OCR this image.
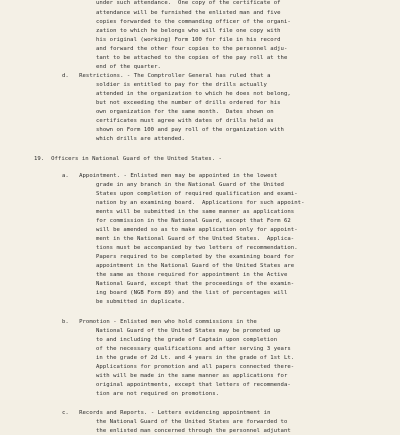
under such attendance.  One copy of the certificate of
attendance will be furnished the enlisted man and five
copies forwarded to the commanding officer of the organi-
zation to which he belongs who will file one copy with
his original (working) Form 100 for file in his record
and forward the other four copies to the personnel adju-
tant to be attached to the copies of the pay roll at the
end of the quarter.
d.   Restrictions. - The Comptroller General has ruled that a
soldier is entitled to pay for the drills actually
attended in the organization to which he does not belong,
but not exceeding the number of drills ordered for his
own organization for the same month.  Dates shown on
certificates must agree with dates of drills held as
shown on Form 100 and pay roll of the organization with
which drills are attended.
19.  Officers in National Guard of the United States. -
a.   Appointment. - Enlisted men may be appointed in the lowest
grade in any branch in the National Guard of the United
States upon completion of required qualification and exami-
nation by an examining board.  Applications for such appoint-
ments will be submitted in the same manner as applications
for commission in the National Guard, except that Form 62
will be amended so as to make application only for appoint-
ment in the National Guard of the United States.  Applica-
tions must be accompanied by two letters of recommendation.
Papers required to be completed by the examining board for
appointment in the National Guard of the United States are
the same as those required for appointment in the Active
National Guard, except that the proceedings of the examin-
ing board (NGB Form 89) and the list of percentages will
be submitted in duplicate.
b.   Promotion - Enlisted men who hold commissions in the
National Guard of the United States may be promoted up
to and including the grade of Captain upon completion
of the necessary qualifications and after serving 3 years
in the grade of 2d Lt. and 4 years in the grade of 1st Lt.
Applications for promotion and all papers connected there-
with will be made in the same manner as applications for
original appointments, except that letters of recommenda-
tion are not required on promotions.
c.   Records and Reports. - Letters evidencing appointment in
the National Guard of the United States are forwarded to
the enlisted man concerned through the personnel adjutant
